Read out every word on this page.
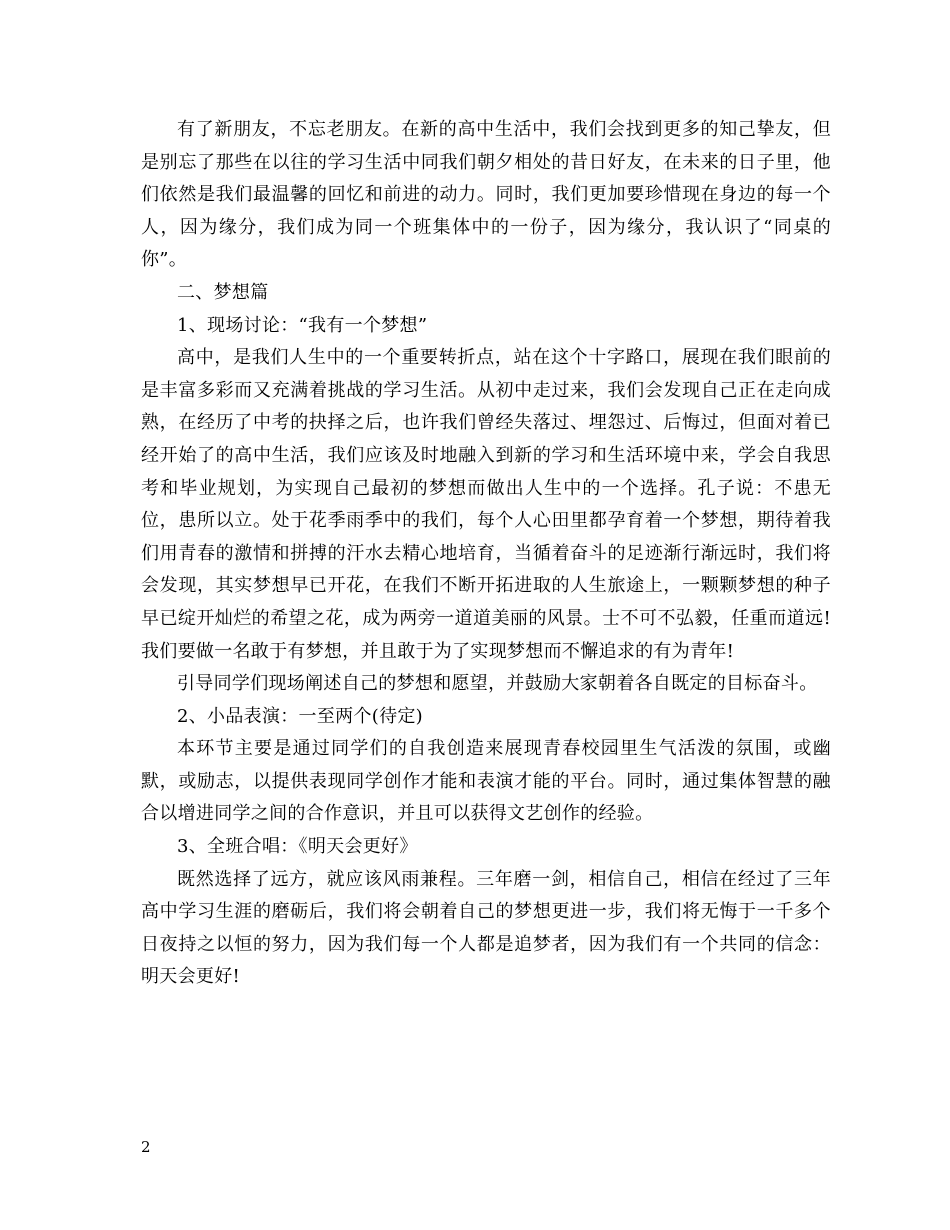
有了新朋友，不忘老朋友。在新的高中生活中，我们会找到更多的知己挚友，但是别忘了那些在以往的学习生活中同我们朝夕相处的昔日好友，在未来的日子里，他们依然是我们最温馨的回忆和前进的动力。同时，我们更加要珍惜现在身边的每一个人，因为缘分，我们成为同一个班集体中的一份子，因为缘分，我认识了“同桌的你”。

二、梦想篇

1、现场讨论：“我有一个梦想”

高中，是我们人生中的一个重要转折点，站在这个十字路口，展现在我们眼前的是丰富多彩而又充满着挑战的学习生活。从初中走过来，我们会发现自己正在走向成熟，在经历了中考的抉择之后，也许我们曾经失落过、埋怨过、后悔过，但面对着已经开始了的高中生活，我们应该及时地融入到新的学习和生活环境中来，学会自我思考和毕业规划，为实现自己最初的梦想而做出人生中的一个选择。孔子说：不患无位，患所以立。处于花季雨季中的我们，每个人心田里都孕育着一个梦想，期待着我们用青春的激情和拼搏的汗水去精心地培育，当循着奋斗的足迹渐行渐远时，我们将会发现，其实梦想早已开花，在我们不断开拓进取的人生旅途上，一颗颗梦想的种子早已绽开灿烂的希望之花，成为两旁一道道美丽的风景。士不可不弘毅，任重而道远!我们要做一名敢于有梦想，并且敢于为了实现梦想而不懈追求的有为青年!

引导同学们现场阐述自己的梦想和愿望，并鼓励大家朝着各自既定的目标奋斗。

2、小品表演：一至两个(待定)

本环节主要是通过同学们的自我创造来展现青春校园里生气活泼的氛围，或幽默，或励志，以提供表现同学创作才能和表演才能的平台。同时，通过集体智慧的融合以增进同学之间的合作意识，并且可以获得文艺创作的经验。

3、全班合唱：《明天会更好》

既然选择了远方，就应该风雨兼程。三年磨一剑，相信自己，相信在经过了三年高中学习生涯的磨砺后，我们将会朝着自己的梦想更进一步，我们将无悔于一千多个日夜持之以恒的努力，因为我们每一个人都是追梦者，因为我们有一个共同的信念：明天会更好!

2
